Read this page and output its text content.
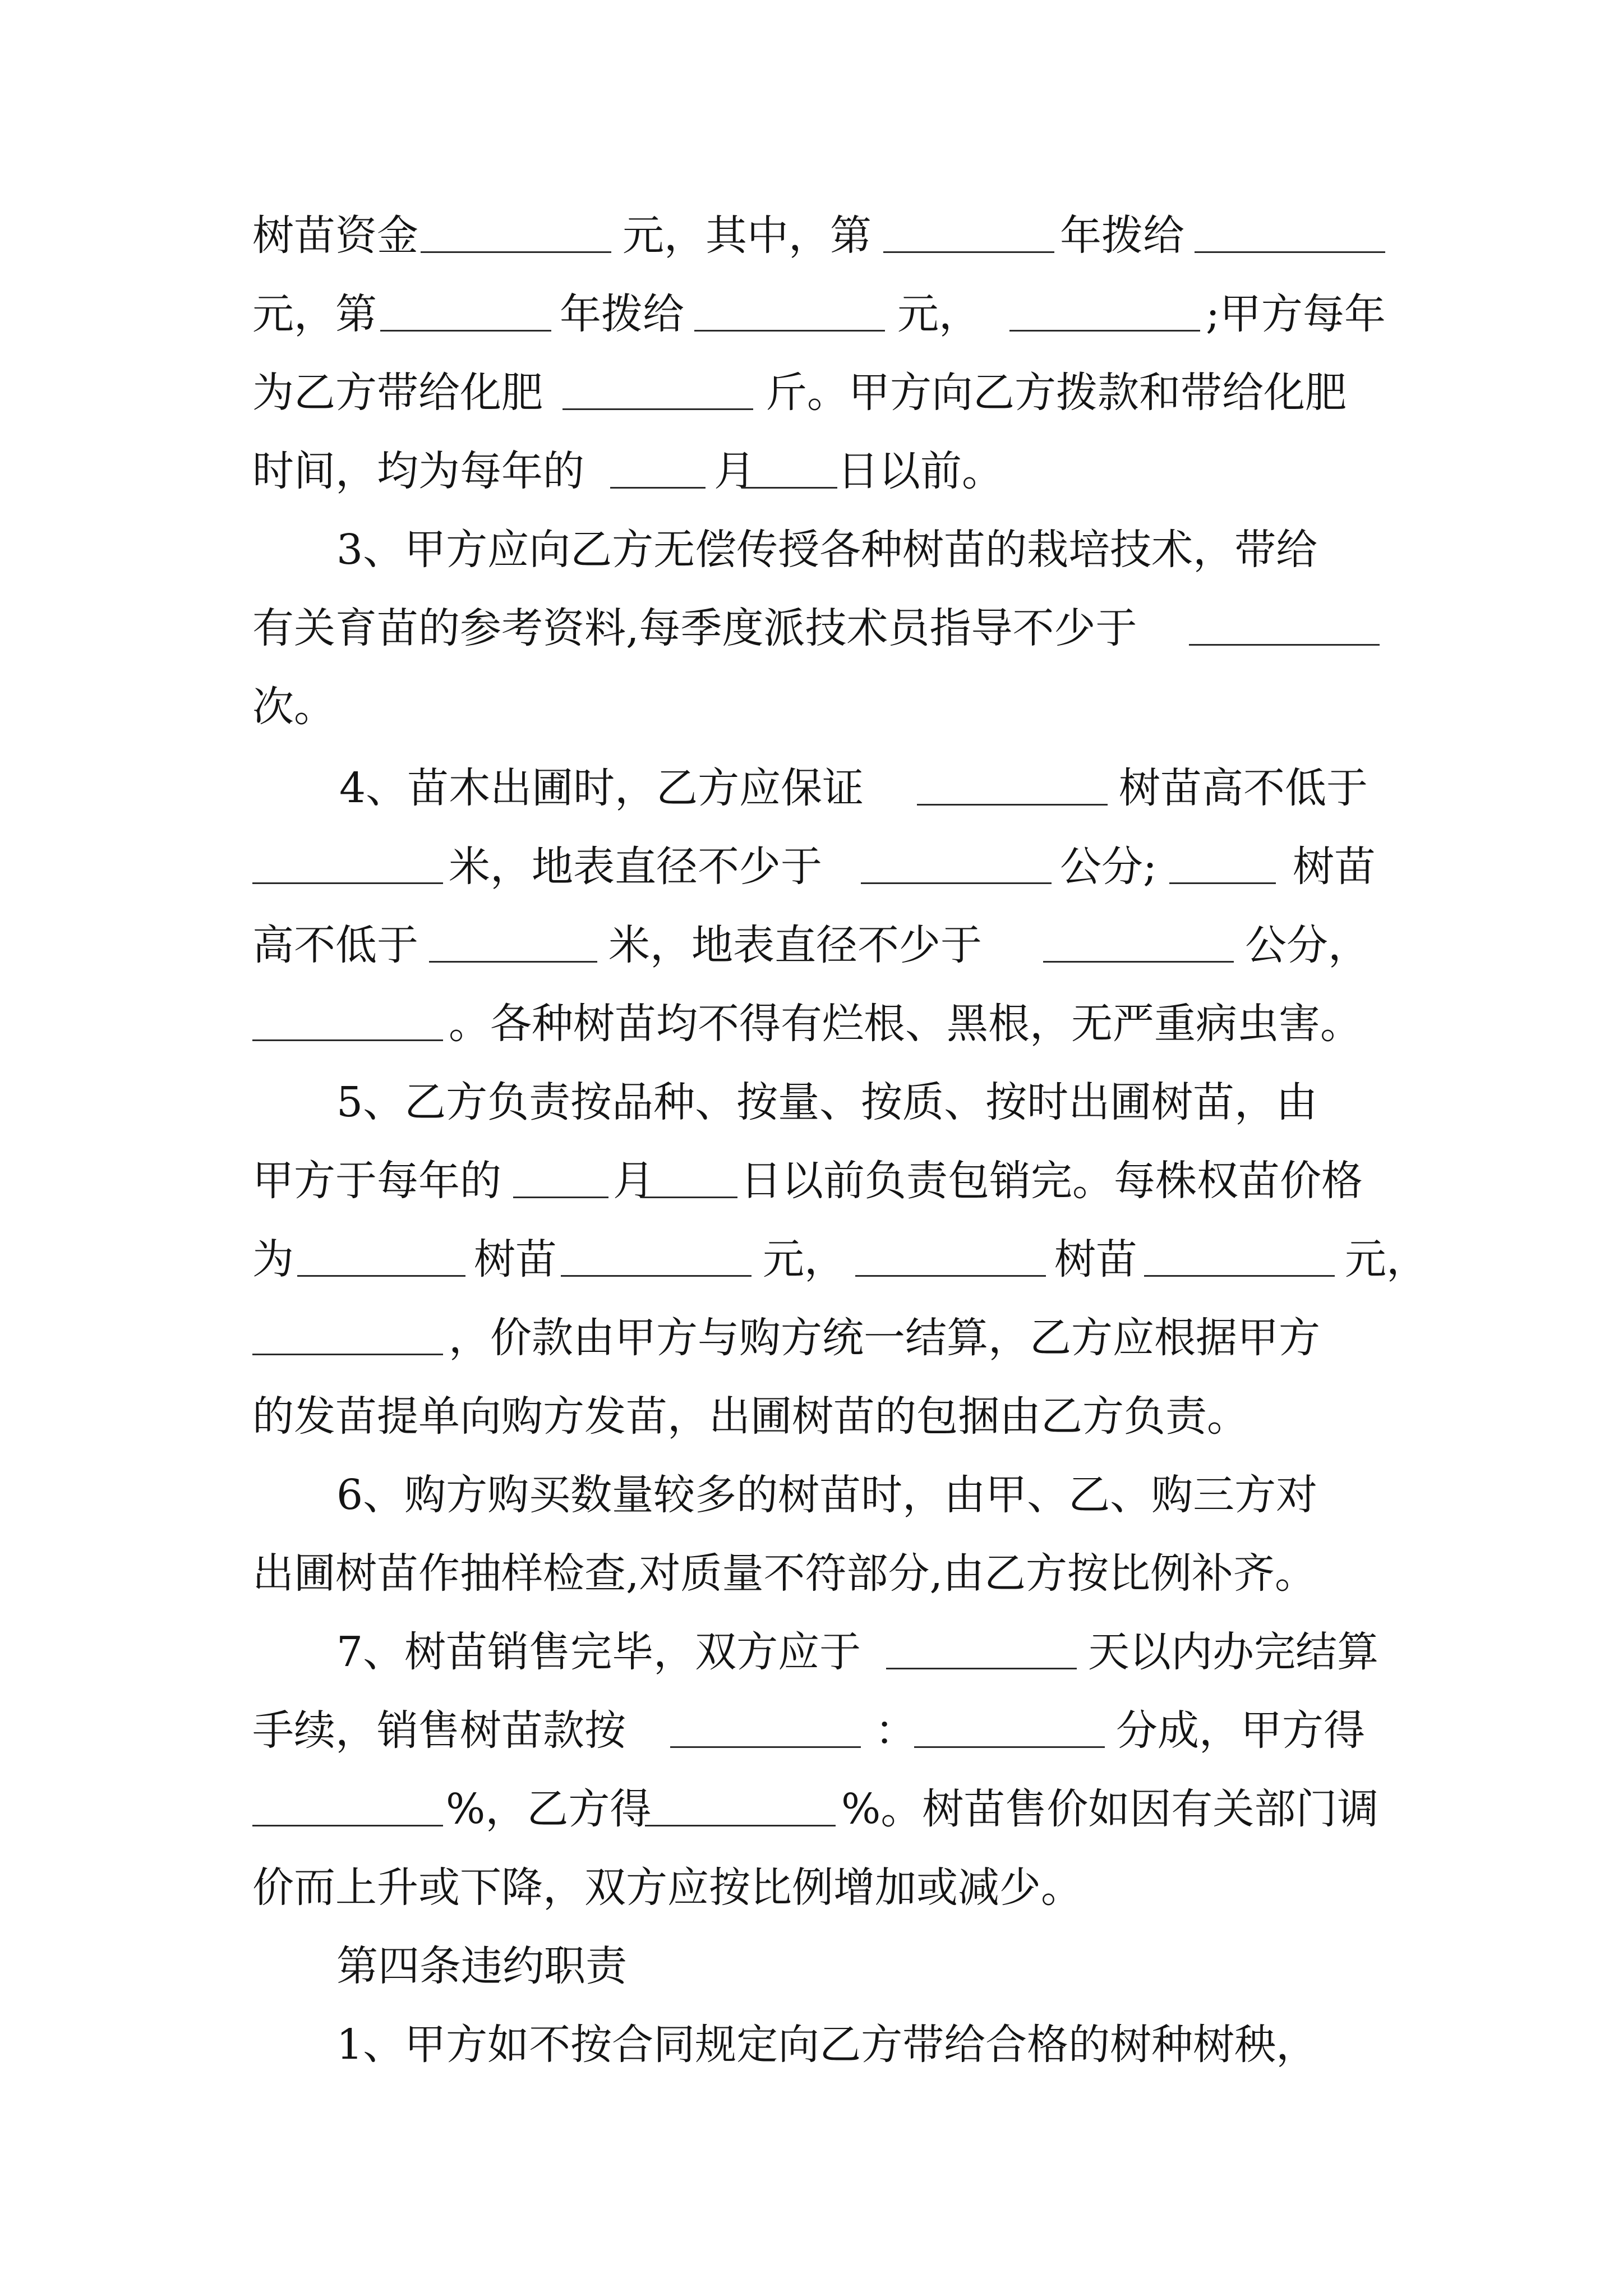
树苗资金	元，其中，第	年拨给
元，第	年拨给	元，	;甲方每年
为乙方带给化肥	斤。甲方向乙方拨款和带给化肥
时间，均为每年的	月 日以前。
3、甲方应向乙方无偿传授各种树苗的栽培技术，带给
有关育苗的参考资料,每季度派技术员指导不少于
次。
4、苗木出圃时，乙方应保证	树苗高不低于
米，地表直径不少于	公分;	树苗
高不低于	米，地表直径不少于	公分，
。各种树苗均不得有烂根、黑根，无严重病虫害。
5、乙方负责按品种、按量、按质、按时出圃树苗，由
甲方于每年的	月 日以前负责包销完。每株权苗价格
为	树苗	元，	树苗	元，
，价款由甲方与购方统一结算，乙方应根据甲方
的发苗提单向购方发苗，出圃树苗的包捆由乙方负责。
6、购方购买数量较多的树苗时，由甲、乙、购三方对
出圃树苗作抽样检查,对质量不符部分,由乙方按比例补齐。
7、树苗销售完毕，双方应于	天以内办完结算
手续，销售树苗款按	：	分成，甲方得
%，乙方得	%。树苗售价如因有关部门调
价而上升或下降，双方应按比例增加或减少。
第四条违约职责
1、甲方如不按合同规定向乙方带给合格的树种树秧，
